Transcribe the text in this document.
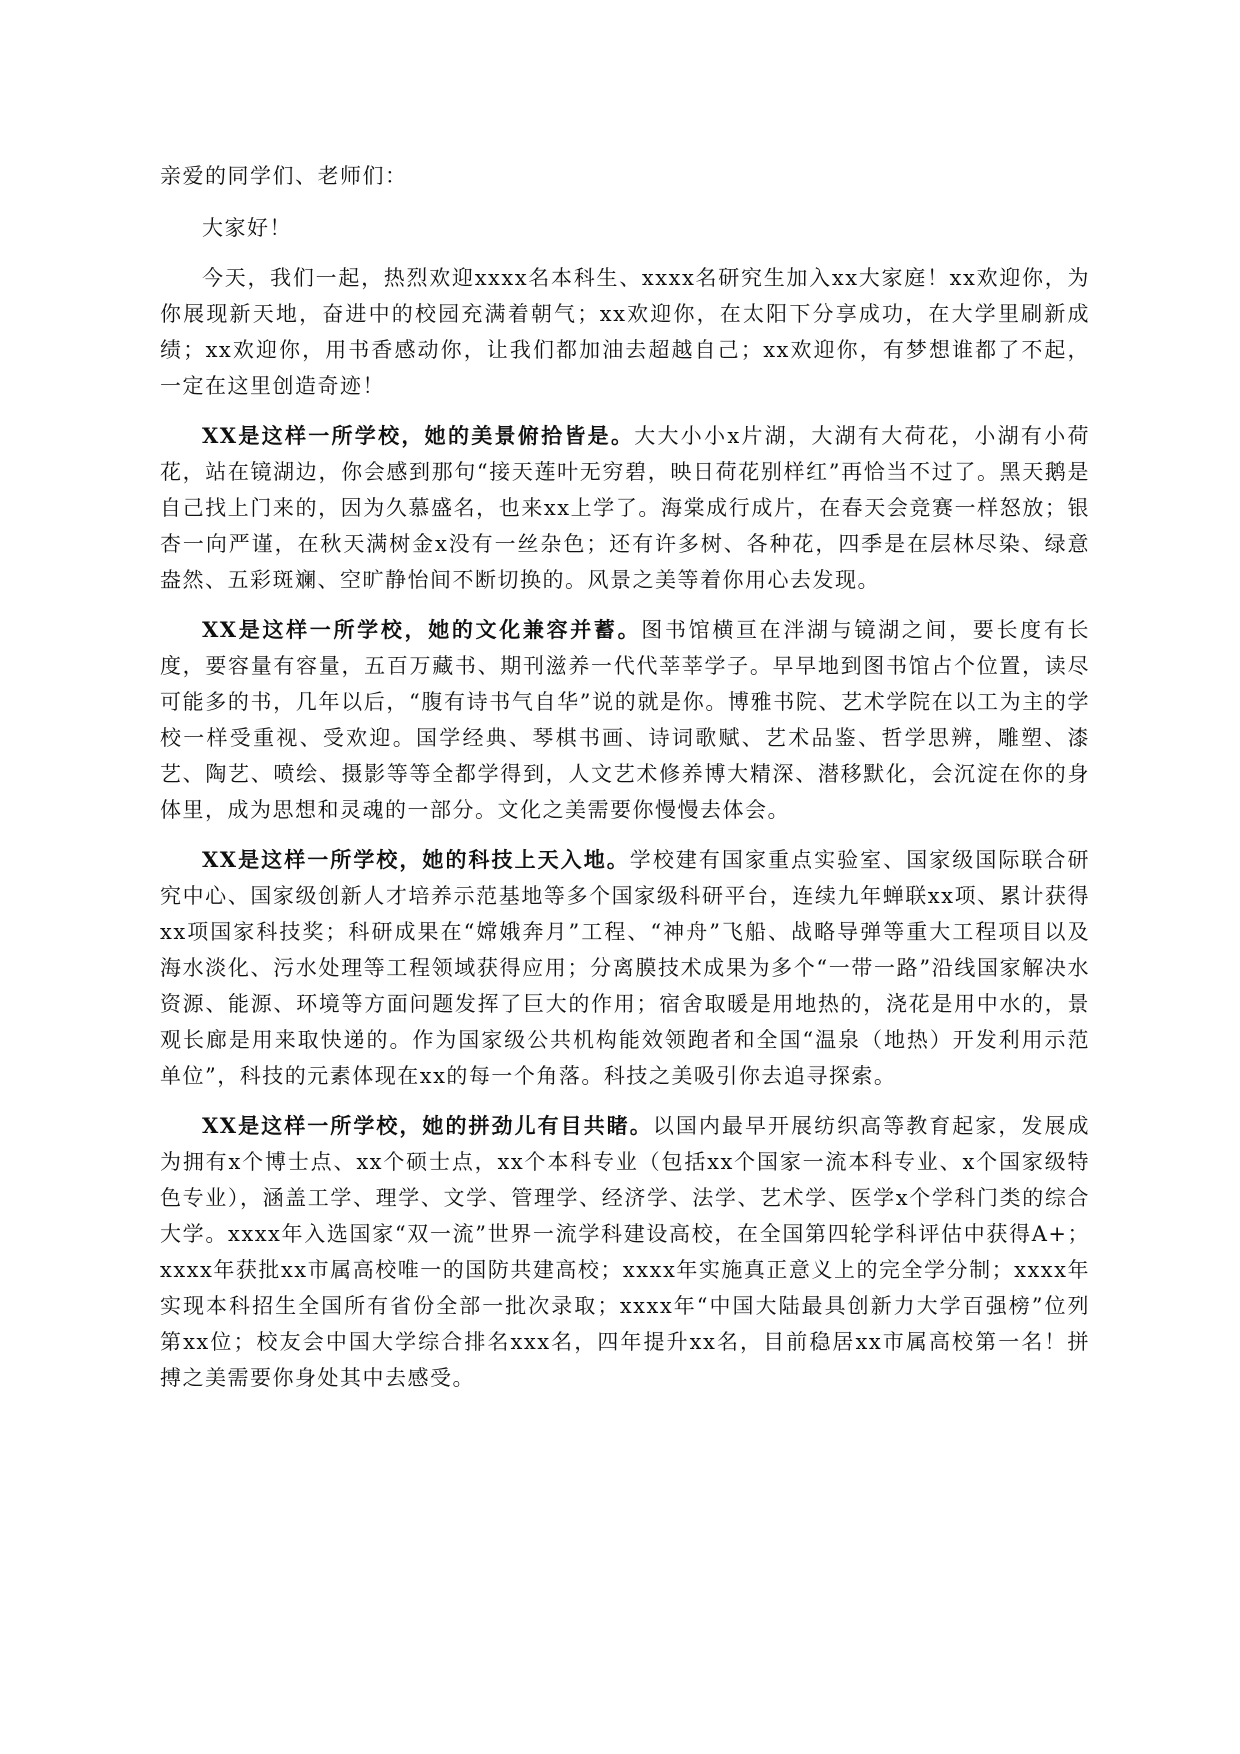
亲爱的同学们、老师们：

大家好！

今天，我们一起，热烈欢迎xxxx名本科生、xxxx名研究生加入xx大家庭！xx欢迎你，为你展现新天地，奋进中的校园充满着朝气；xx欢迎你，在太阳下分享成功，在大学里刷新成绩；xx欢迎你，用书香感动你，让我们都加油去超越自己；xx欢迎你，有梦想谁都了不起，一定在这里创造奇迹！

XX是这样一所学校，她的美景俯拾皆是。大大小小x片湖，大湖有大荷花，小湖有小荷花，站在镜湖边，你会感到那句“接天莲叶无穷碧，映日荷花别样红”再恰当不过了。黑天鹅是自己找上门来的，因为久慕盛名，也来xx上学了。海棠成行成片，在春天会竞赛一样怒放；银杏一向严谨，在秋天满树金x没有一丝杂色；还有许多树、各种花，四季是在层林尽染、绿意盎然、五彩斑斓、空旷静怡间不断切换的。风景之美等着你用心去发现。

XX是这样一所学校，她的文化兼容并蓄。图书馆横亘在泮湖与镜湖之间，要长度有长度，要容量有容量，五百万藏书、期刊滋养一代代莘莘学子。早早地到图书馆占个位置，读尽可能多的书，几年以后，“腹有诗书气自华”说的就是你。博雅书院、艺术学院在以工为主的学校一样受重视、受欢迎。国学经典、琴棋书画、诗词歌赋、艺术品鉴、哲学思辨，雕塑、漆艺、陶艺、喷绘、摄影等等全都学得到，人文艺术修养博大精深、潜移默化，会沉淀在你的身体里，成为思想和灵魂的一部分。文化之美需要你慢慢去体会。

XX是这样一所学校，她的科技上天入地。学校建有国家重点实验室、国家级国际联合研究中心、国家级创新人才培养示范基地等多个国家级科研平台，连续九年蝉联xx项、累计获得xx项国家科技奖；科研成果在“嫦娥奔月”工程、“神舟”飞船、战略导弹等重大工程项目以及海水淡化、污水处理等工程领域获得应用；分离膜技术成果为多个“一带一路”沿线国家解决水资源、能源、环境等方面问题发挥了巨大的作用；宿舍取暖是用地热的，浇花是用中水的，景观长廊是用来取快递的。作为国家级公共机构能效领跑者和全国“温泉（地热）开发利用示范单位”，科技的元素体现在xx的每一个角落。科技之美吸引你去追寻探索。

XX是这样一所学校，她的拼劲儿有目共睹。以国内最早开展纺织高等教育起家，发展成为拥有x个博士点、xx个硕士点，xx个本科专业（包括xx个国家一流本科专业、x个国家级特色专业），涵盖工学、理学、文学、管理学、经济学、法学、艺术学、医学x个学科门类的综合大学。xxxx年入选国家“双一流”世界一流学科建设高校，在全国第四轮学科评估中获得A+；xxxx年获批xx市属高校唯一的国防共建高校；xxxx年实施真正意义上的完全学分制；xxxx年实现本科招生全国所有省份全部一批次录取；xxxx年“中国大陆最具创新力大学百强榜”位列第xx位；校友会中国大学综合排名xxx名，四年提升xx名，目前稳居xx市属高校第一名！拼搏之美需要你身处其中去感受。
